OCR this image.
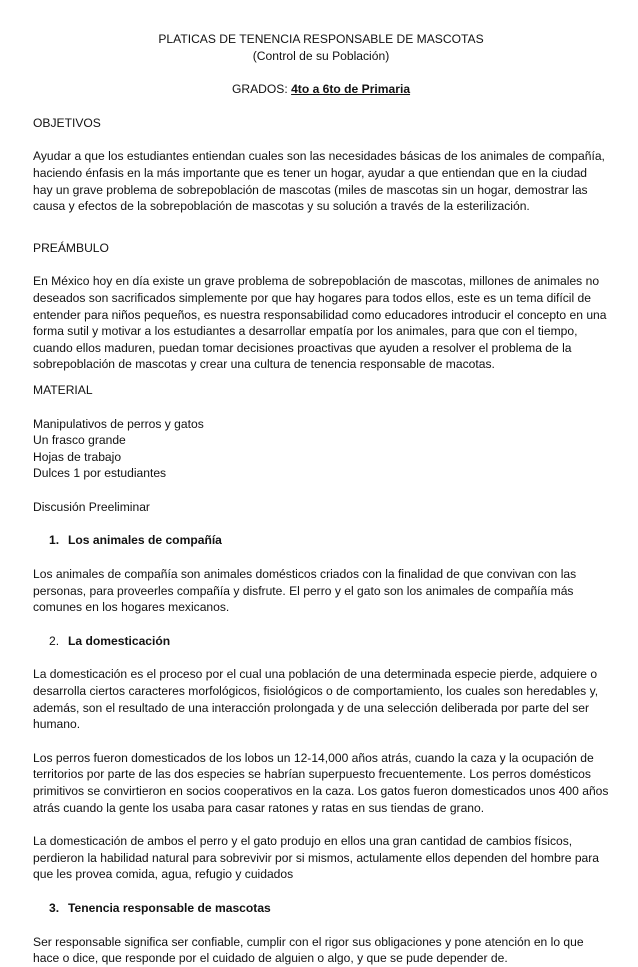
PLATICAS DE TENENCIA RESPONSABLE DE MASCOTAS
(Control de su Población)
GRADOS: 4to a 6to de Primaria
OBJETIVOS

Ayudar a que los estudiantes entiendan cuales son las necesidades básicas de los animales de compañía, haciendo énfasis en la más importante que es tener un hogar, ayudar a que entiendan que en la ciudad hay un grave problema de sobrepoblación de mascotas (miles de mascotas sin un hogar, demostrar las causa y efectos de la sobrepoblación de mascotas y su solución a través de la esterilización.

PREÁMBULO

En México hoy en día existe un grave problema de sobrepoblación de mascotas, millones de animales no deseados son sacrificados simplemente por que hay hogares para todos ellos, este es un tema difícil de entender para niños pequeños, es nuestra responsabilidad como educadores introducir el concepto en una forma sutil y motivar a los estudiantes a desarrollar empatía por los animales, para que con el tiempo, cuando ellos maduren, puedan tomar decisiones proactivas que ayuden a resolver el problema de la sobrepoblación de mascotas y crear una cultura de tenencia responsable de macotas.

MATERIAL
Manipulativos de perros y gatos
Un frasco grande
Hojas de trabajo
Dulces 1 por estudiantes
Discusión Preeliminar
1. Los animales de compañía

Los animales de compañía son animales domésticos criados con la finalidad de que convivan con las personas, para proveerles compañía y disfrute. El perro y el gato son los animales de compañía más comunes en los hogares mexicanos.

2. La domesticación

La domesticación es el proceso por el cual una población de una determinada especie pierde, adquiere o desarrolla ciertos caracteres morfológicos, fisiológicos o de comportamiento, los cuales son heredables y, además, son el resultado de una interacción prolongada y de una selección deliberada por parte del ser humano.

Los perros fueron domesticados de los lobos un 12-14,000 años atrás, cuando la caza y la ocupación de territorios por parte de las dos especies se habrían superpuesto frecuentemente. Los perros domésticos primitivos se convirtieron en socios cooperativos en la caza. Los gatos fueron domesticados unos 400 años atrás cuando la gente los usaba para casar ratones y ratas en sus tiendas de grano.

La domesticación de ambos el perro y el gato produjo en ellos una gran cantidad de cambios físicos, perdieron la habilidad natural para sobrevivir por si mismos, actulamente ellos dependen del hombre para que les provea comida, agua, refugio y cuidados

3. Tenencia responsable de mascotas

Ser responsable significa ser confiable, cumplir con el rigor sus obligaciones y pone atención en lo que hace o dice, que responde por el cuidado de alguien o algo, y que se pude depender de.
